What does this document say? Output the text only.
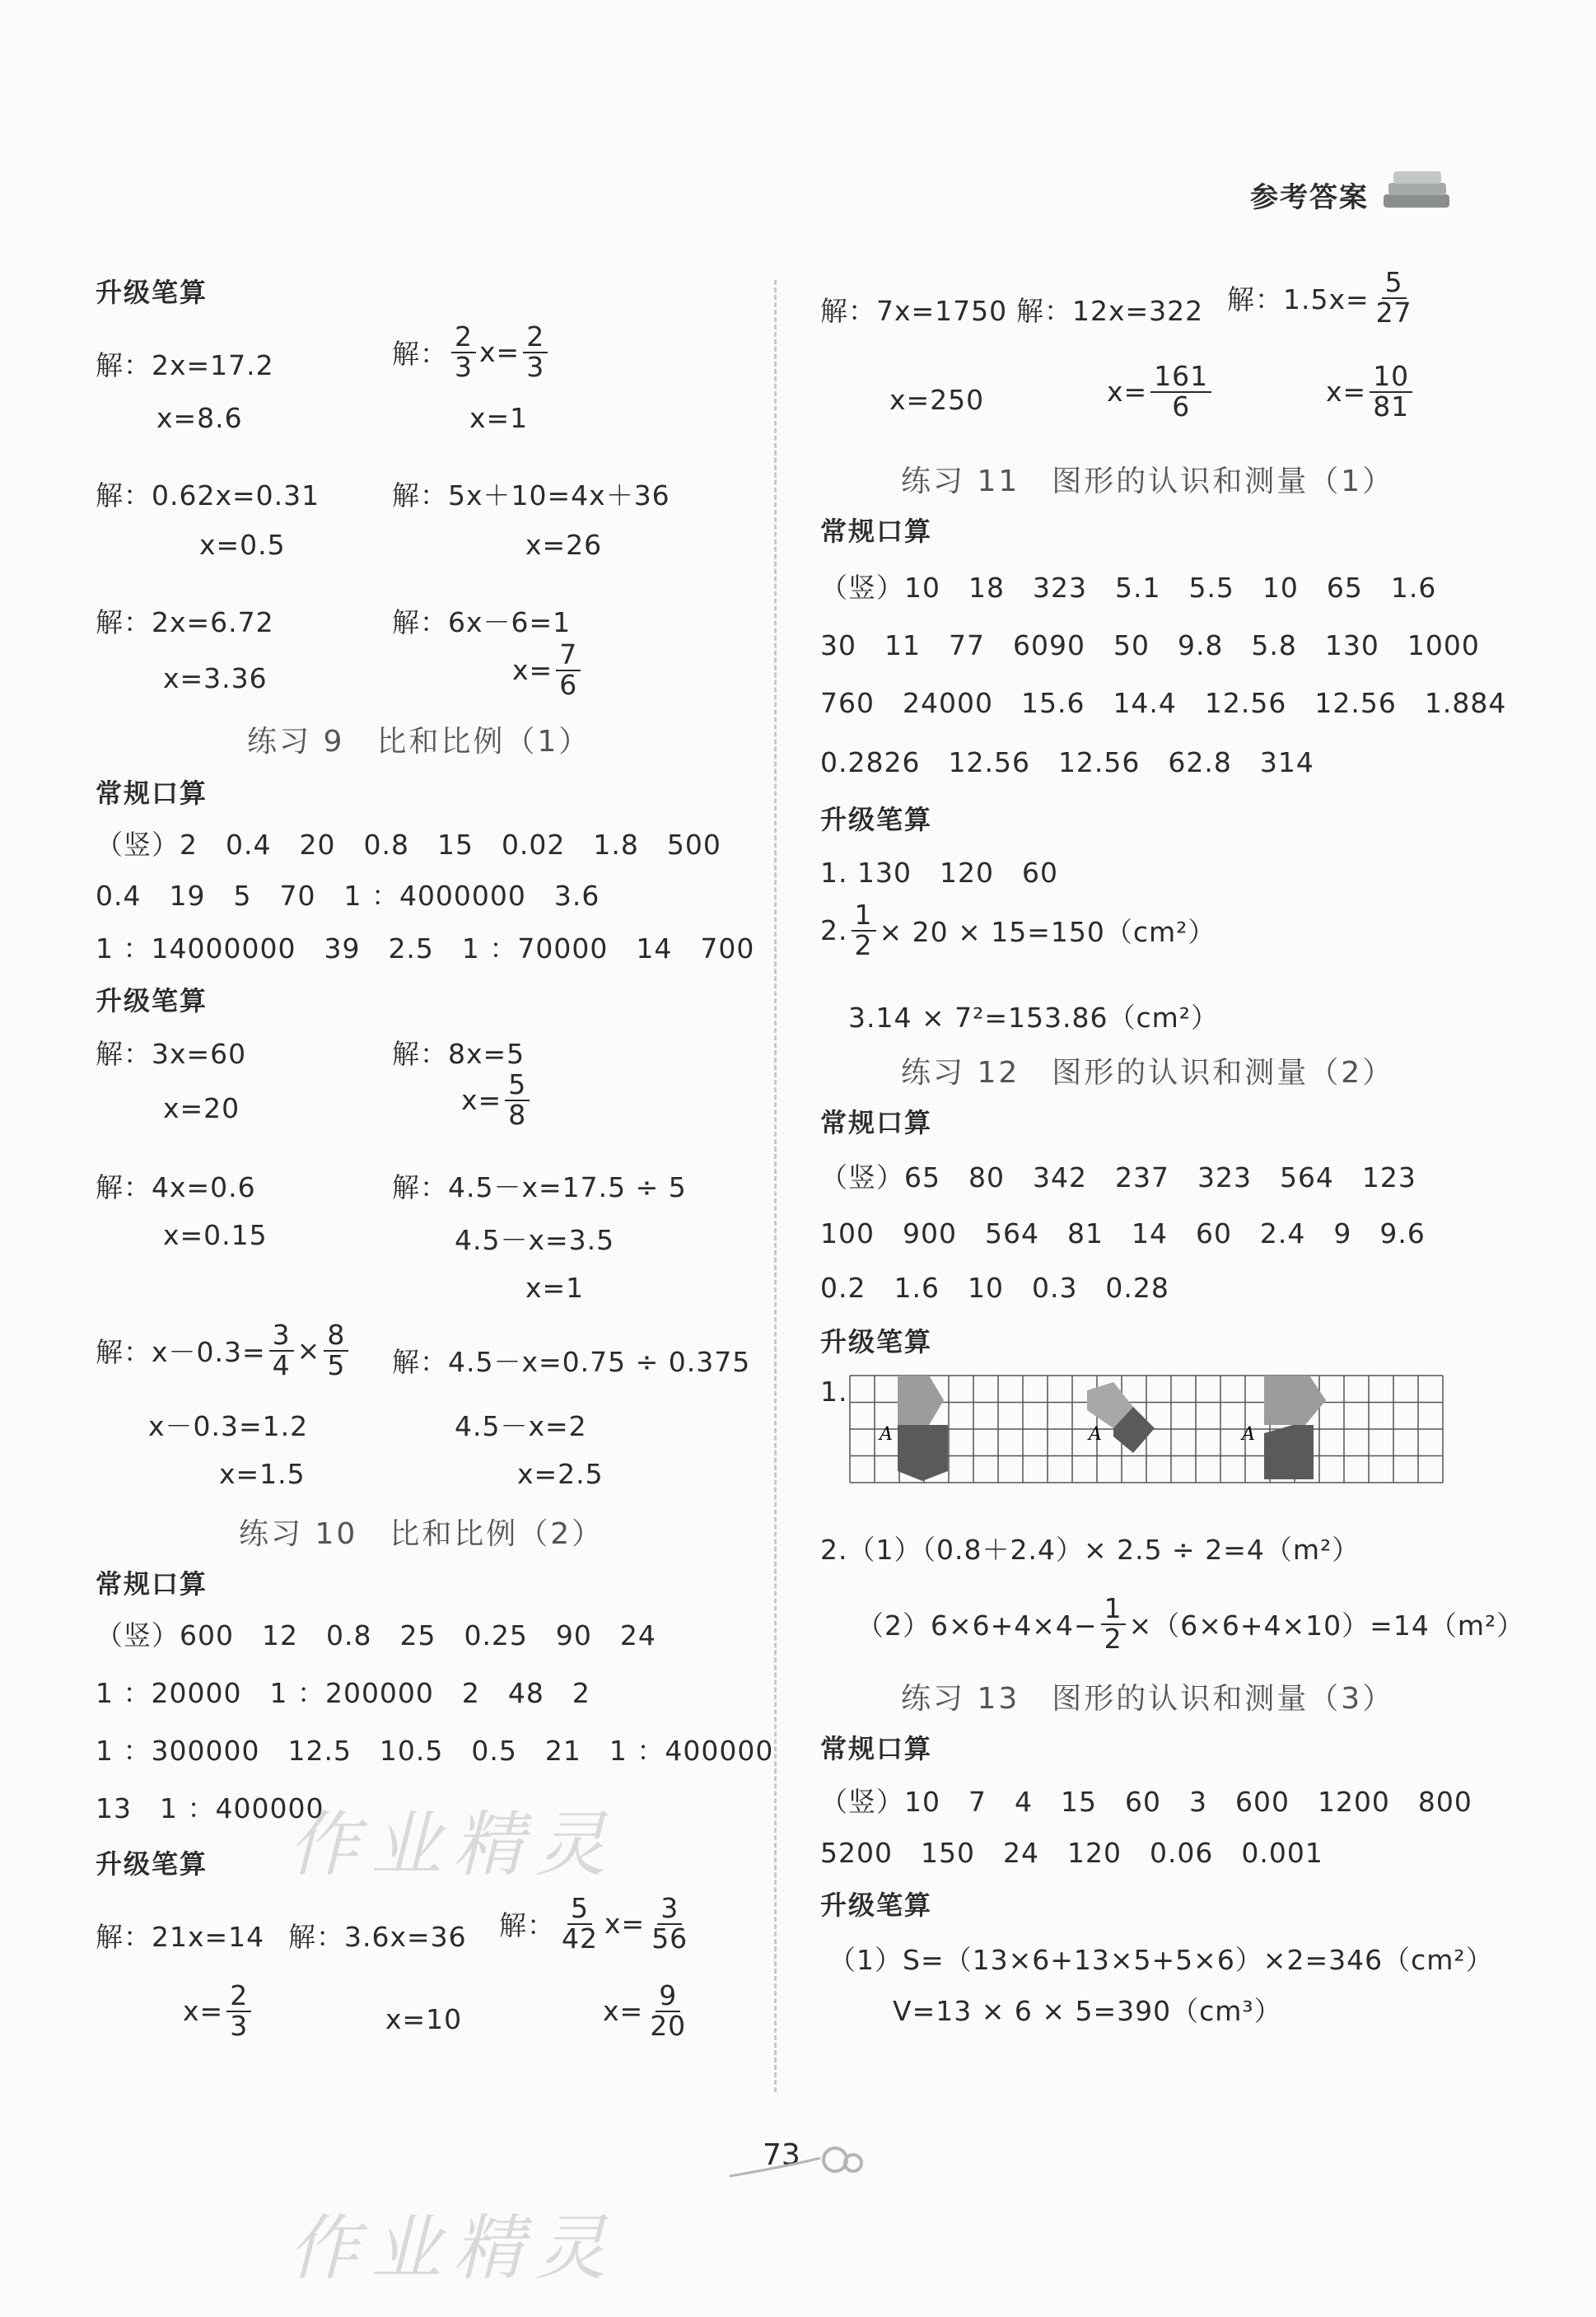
参考答案
升级笔算
解：2x=17.2
x=8.6
解： $\frac{2}{3} x= \frac{2}{3}$
x=1
解：0.62x=0.31
x=0.5
解：5x＋10=4x＋36
x=26
解：2x=6.72
x=3.36
解：6x－6=1
$x= \frac{7}{6}$
练习 9　比和比例（1）
常规口算
（竖）2　0.4　20　0.8　15　0.02　1.8　500
0.4　19　5　70　1 ：4000000　3.6
1 ：14000000　39　2.5　1 ：70000　14　700
升级笔算
解：3x=60
x=20
解：8x=5
$x= \frac{5}{8}$
解：4x=0.6
x=0.15
解：4.5－x=17.5 ÷ 5
4.5－x=3.5
x=1
解：$x-0.3= \frac{3}{4} \times \frac{8}{5}$
x－0.3=1.2
x=1.5
解：4.5－x=0.75 ÷ 0.375
4.5－x=2
x=2.5
练习 10　比和比例（2）
常规口算
（竖）600　12　0.8　25　0.25　90　24
1 ：20000　1 ：200000　2　48　2
1 ：300000　12.5　10.5　0.5　21　1 ：400000
13　1 ：400000
升级笔算
解：21x=14
$x= \frac{2}{3}$
解：3.6x=36
x=10
解： $\frac{5}{42} x= \frac{3}{56}$
$x= \frac{9}{20}$
解：7x=1750
x=250
解：12x=322
$x= \frac{161}{6}$
解：$1.5x= \frac{5}{27}$
$x= \frac{10}{81}$
练习 11　图形的认识和测量（1）
常规口算
（竖）10　18　323　5.1　5.5　10　65　1.6
30　11　77　6090　50　9.8　5.8　130　1000
760　24000　15.6　14.4　12.56　12.56　1.884
0.2826　12.56　12.56　62.8　314
升级笔算
1. 130　120　60
2. $\frac{1}{2} \times 20 \times 15=150(cm^2)$
3.14 × 7²=153.86（cm²）
练习 12　图形的认识和测量（2）
常规口算
（竖）65　80　342　237　323　564　123
100　900　564　81　14　60　2.4　9　9.6
0.2　1.6　10　0.3　0.28
升级笔算
1.
A	A	A
2.（1）（0.8＋2.4）× 2.5 ÷ 2=4（m²）
$(2)6\times 6+4\times 4- \frac{1}{2} \times(6\times 6+4\times 10)=14(m^2)$
练习 13　图形的认识和测量（3）
常规口算
（竖）10　7　4　15　60　3　600　1200　800
5200　150　24　120　0.06　0.001
升级笔算
（1）S=（13×6+13×5+5×6）×2=346（cm²）
V=13 × 6 × 5=390（cm³）
73
作业精灵
作业精灵
